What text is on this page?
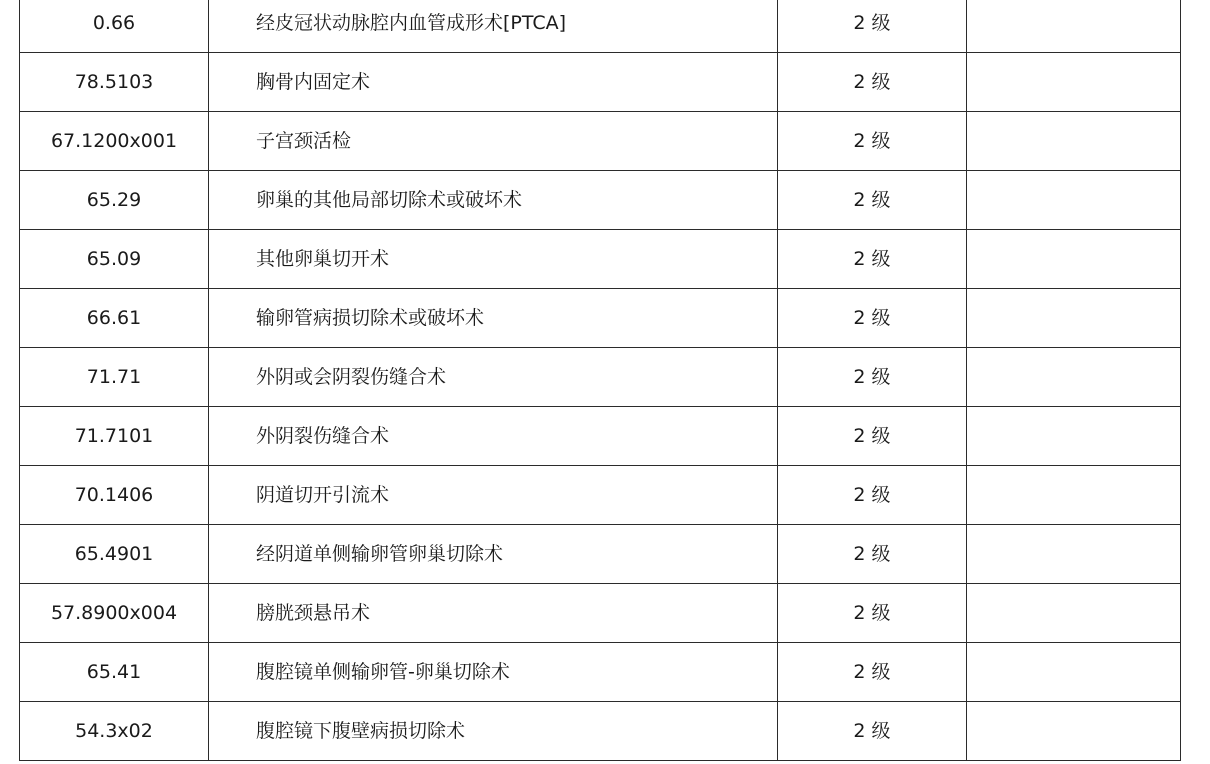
0.66	经皮冠状动脉腔内血管成形术[PTCA]	2 级	
78.5103	胸骨内固定术	2 级	
67.1200x001	子宫颈活检	2 级	
65.29	卵巢的其他局部切除术或破坏术	2 级	
65.09	其他卵巢切开术	2 级	
66.61	输卵管病损切除术或破坏术	2 级	
71.71	外阴或会阴裂伤缝合术	2 级	
71.7101	外阴裂伤缝合术	2 级	
70.1406	阴道切开引流术	2 级	
65.4901	经阴道单侧输卵管卵巢切除术	2 级	
57.8900x004	膀胱颈悬吊术	2 级	
65.41	腹腔镜单侧输卵管-卵巢切除术	2 级	
54.3x02	腹腔镜下腹壁病损切除术	2 级	
